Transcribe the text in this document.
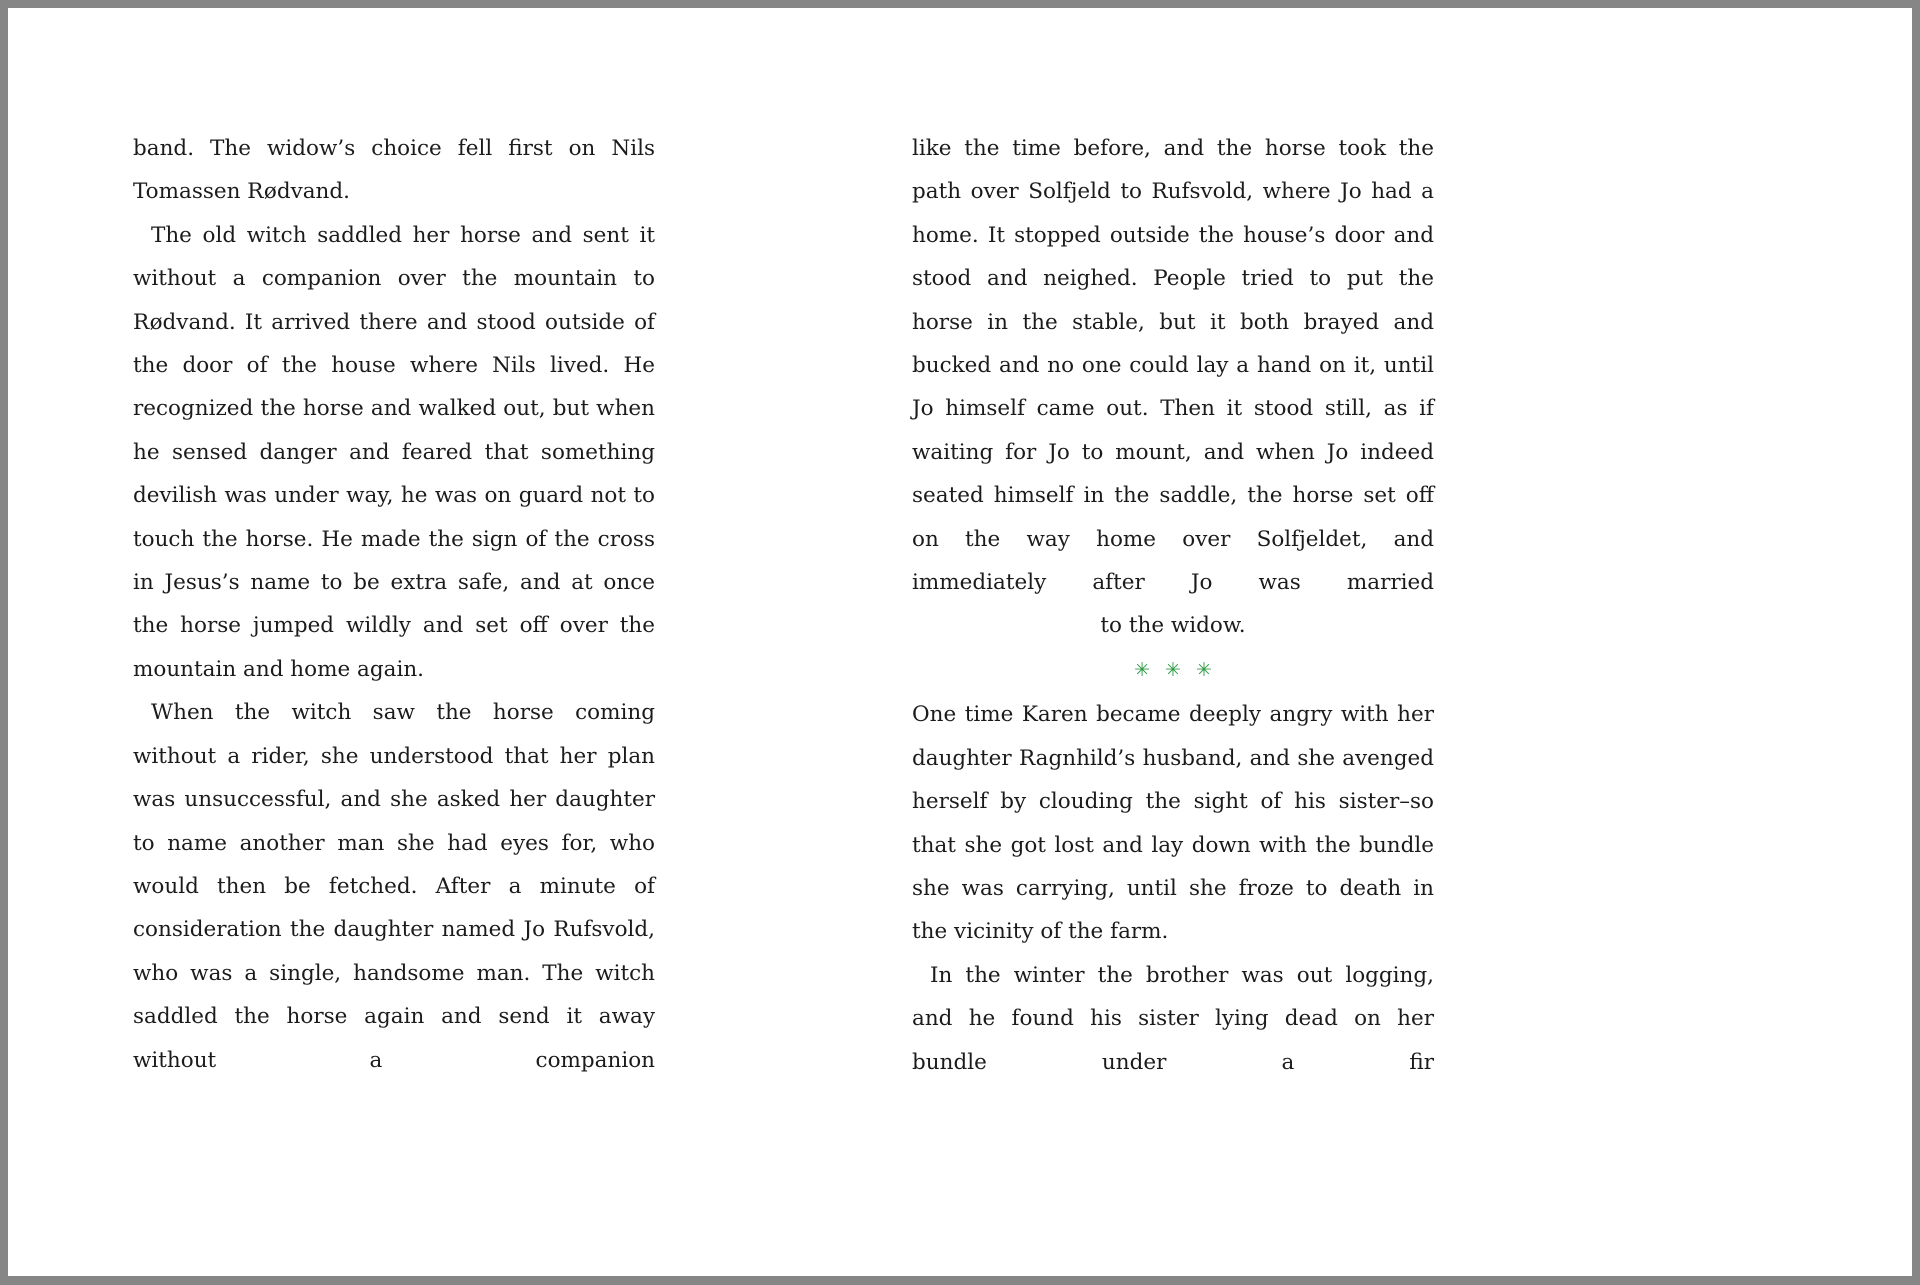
band. The widow’s choice fell first on Nils Tomassen Rødvand.

The old witch saddled her horse and sent it without a companion over the mountain to Rødvand. It arrived there and stood outside of the door of the house where Nils lived. He recognized the horse and walked out, but when he sensed danger and feared that something devilish was under way, he was on guard not to touch the horse. He made the sign of the cross in Jesus’s name to be extra safe, and at once the horse jumped wildly and set off over the mountain and home again.

When the witch saw the horse coming without a rider, she understood that her plan was unsuccessful, and she asked her daughter to name another man she had eyes for, who would then be fetched. After a minute of consideration the daughter named Jo Rufsvold, who was a single, handsome man. The witch saddled the horse again and send it away without a companion

like the time before, and the horse took the path over Solfjeld to Rufsvold, where Jo had a home. It stopped outside the house’s door and stood and neighed. People tried to put the horse in the stable, but it both brayed and bucked and no one could lay a hand on it, until Jo himself came out. Then it stood still, as if waiting for Jo to mount, and when Jo indeed seated himself in the saddle, the horse set off on the way home over Solfjeldet, and immediately after Jo was married

to the widow.

✳ ✳ ✳

One time Karen became deeply angry with her daughter Ragnhild’s husband, and she avenged herself by clouding the sight of his sister–so that she got lost and lay down with the bundle she was carrying, until she froze to death in the vicinity of the farm.

In the winter the brother was out logging, and he found his sister lying dead on her bundle under a fir
